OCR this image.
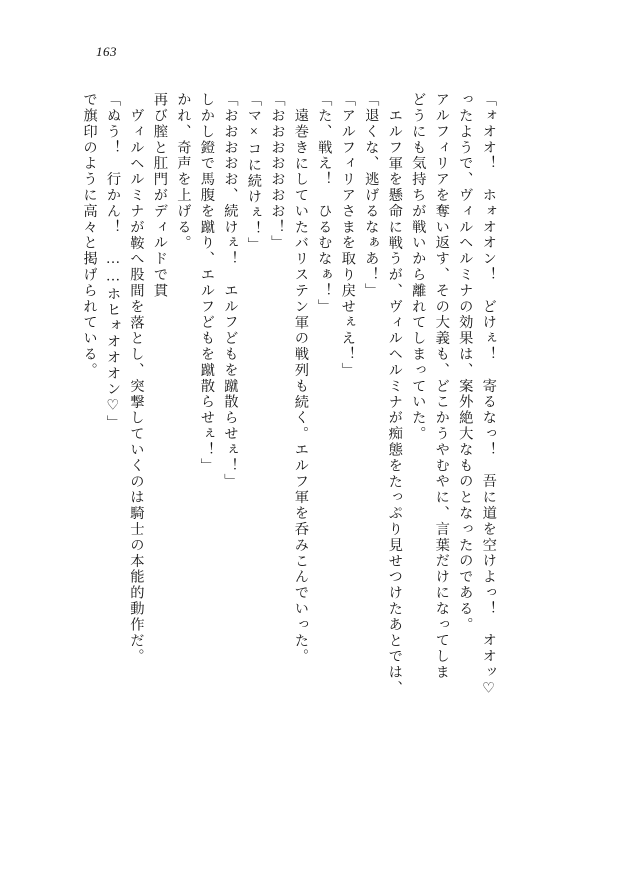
163
で旗印のように高々と掲げられている。 「ぬう！　行かん！　……ホヒォオオオン♡」 ヴィルヘルミナが鞍へ股間を落とし、突撃していくのは騎士の本能的動作だ。 再び膣と肛門がディルドで貫 かれ、奇声を上げる。 しかし鐙で馬腹を蹴り、エルフどもを蹴散らせぇ！」 「おおおおお、続けぇ！　エルフどもを蹴散らせぇ！」 「マ×コに続けぇ！」 「おおおおおおお！」 遠巻きにしていたバリステン軍の戦列も続く。エルフ軍を呑みこんでいった。 「た、戦え！　ひるむなぁ！」 「アルフィリアさまを取り戻せぇえ！」 「退くな、逃げるなぁあ！」 エルフ軍を懸命に戦うが、ヴィルヘルミナが痴態をたっぷり見せつけたあとでは、 どうにも気持ちが戦いから離れてしまっていた。 アルフィリアを奪い返す、その大義も、どこかうやむやに、言葉だけになってしま ったようで、ヴィルヘルミナの効果は、案外絶大なものとなったのである。 「ォオオ！　ホォオオン！　どけぇ！　寄るなっ！　吾に道を空けよっ！　オオッ♡
